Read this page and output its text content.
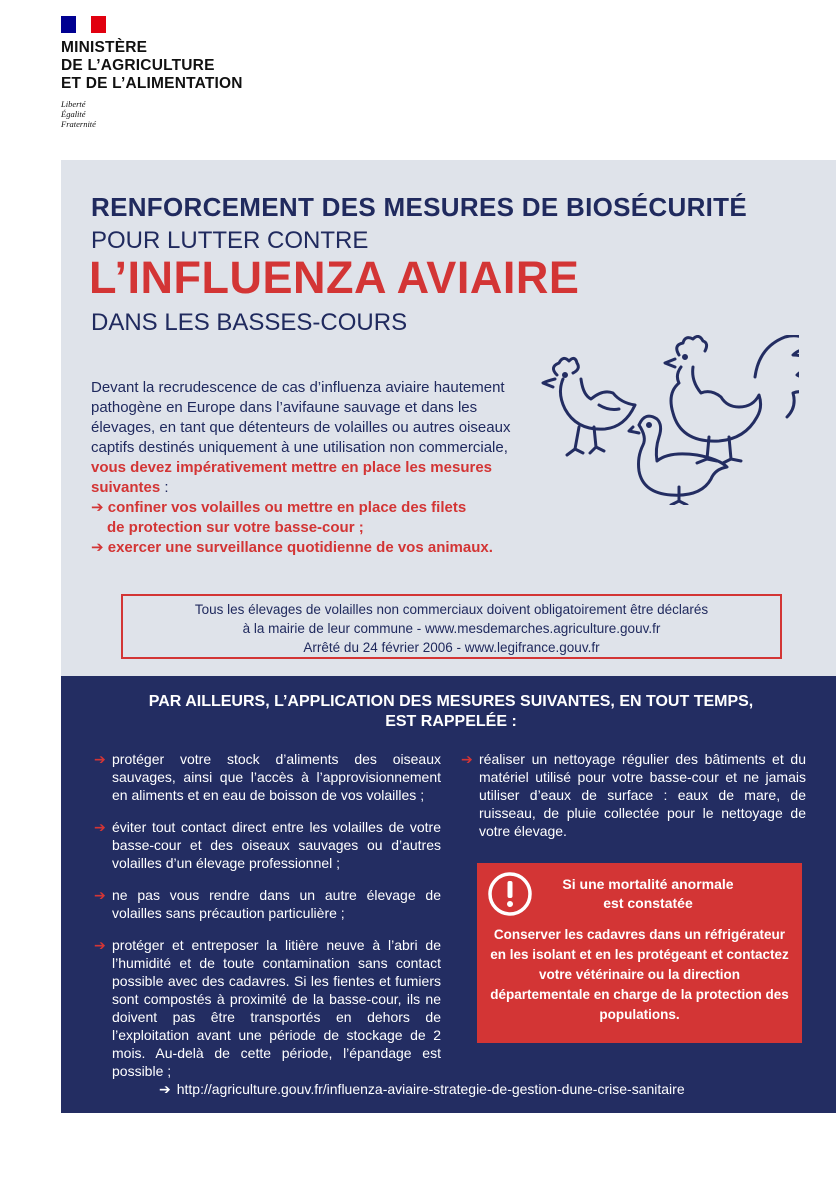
MINISTÈRE
DE L’AGRICULTURE
ET DE L’ALIMENTATION
Liberté
Égalité
Fraternité
RENFORCEMENT DES MESURES DE BIOSÉCURITÉ
POUR LUTTER CONTRE
L’INFLUENZA AVIAIRE
DANS LES BASSES-COURS
Devant la recrudescence de cas d’influenza aviaire hautement pathogène en Europe dans l’avifaune sauvage et dans les élevages, en tant que détenteurs de volailles ou autres oiseaux captifs destinés uniquement à une utilisation non commerciale, vous devez impérativement mettre en place les mesures suivantes :
➔ confiner vos volailles ou mettre en place des filets
de protection sur votre basse-cour ;
➔ exercer une surveillance quotidienne de vos animaux.
Tous les élevages de volailles non commerciaux doivent obligatoirement être déclarés
à la mairie de leur commune - www.mesdemarches.agriculture.gouv.fr
Arrêté du 24 février 2006 - www.legifrance.gouv.fr
PAR AILLEURS, L’APPLICATION DES MESURES SUIVANTES, EN TOUT TEMPS,
EST RAPPELÉE :
➔ protéger votre stock d’aliments des oiseaux sauvages, ainsi que l’accès à l’approvisionnement en aliments et en eau de boisson de vos volailles ;
➔ éviter tout contact direct entre les volailles de votre basse-cour et des oiseaux sauvages ou d’autres volailles d’un élevage professionnel ;
➔ ne pas vous rendre dans un autre élevage de volailles sans précaution particulière ;
➔ protéger et entreposer la litière neuve à l’abri de l’humidité et de toute contamination sans contact possible avec des cadavres. Si les fientes et fumiers sont compostés à proximité de la basse-cour, ils ne doivent pas être transportés en dehors de l’exploitation avant une période de stockage de 2 mois. Au-delà de cette période, l’épandage est possible ;
➔ réaliser un nettoyage régulier des bâtiments et du matériel utilisé pour votre basse-cour et ne jamais utiliser d’eaux de surface : eaux de mare, de ruisseau, de pluie collectée pour le nettoyage de votre élevage.
Si une mortalité anormale
est constatée
Conserver les cadavres dans un réfrigérateur en les isolant et en les protégeant et contactez votre vétérinaire ou la direction départementale en charge de la protection des populations.
➔ http://agriculture.gouv.fr/influenza-aviaire-strategie-de-gestion-dune-crise-sanitaire
